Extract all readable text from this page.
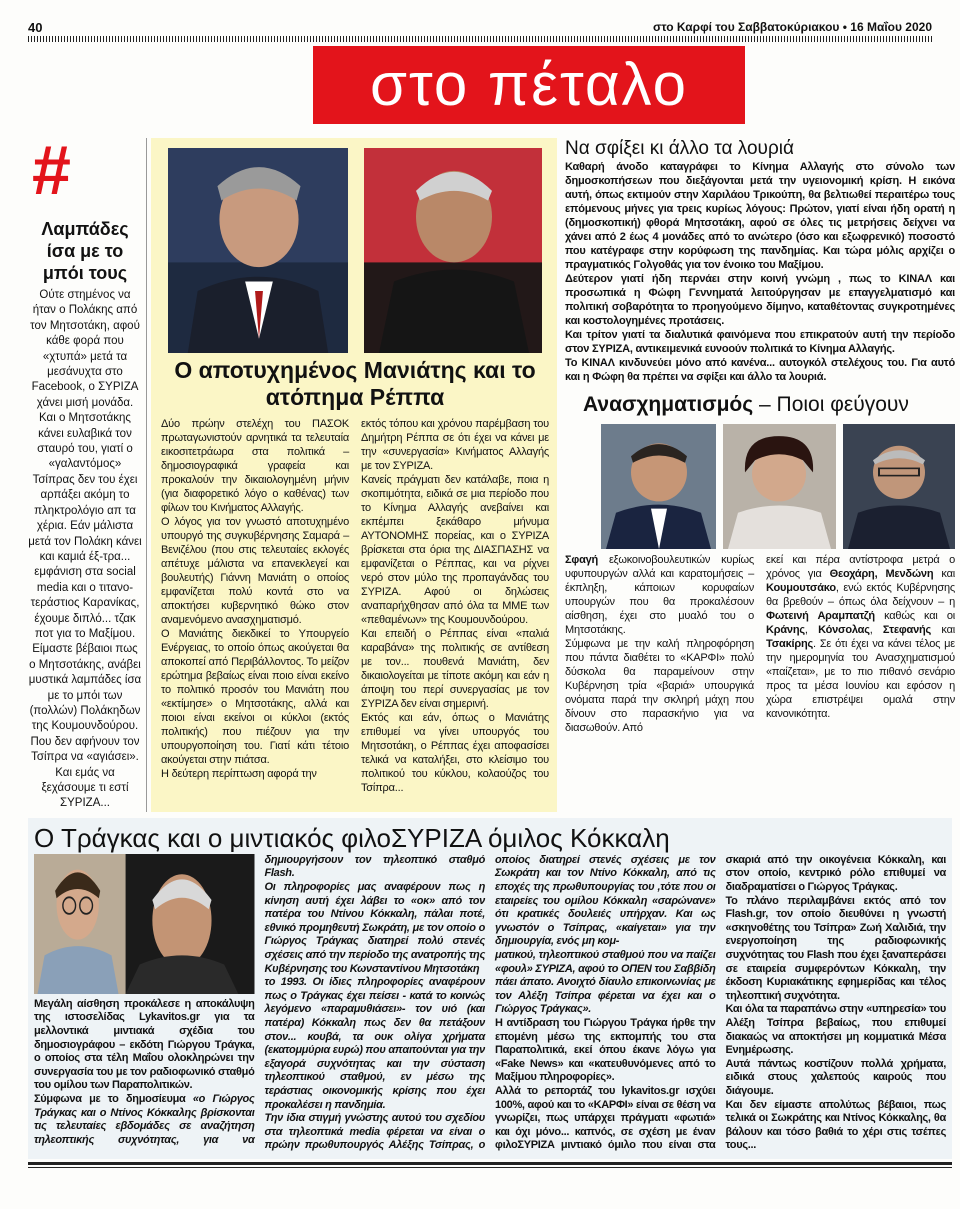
40	στο Καρφί του Σαββατοκύριακου • 16 Μαΐου 2020
στο πέταλο
#
Λαμπάδες ίσα με το μπόι τους
Ούτε στημένος να ήταν ο Πολάκης από τον Μητσοτάκη, αφού κάθε φορά που «χτυπά» μετά τα μεσάνυχτα στο Facebook, ο ΣΥΡΙΖΑ χάνει μισή μονάδα. Και ο Μητσοτάκης κάνει ευλαβικά τον σταυρό του, γιατί ο «γαλαντόμος» Τσίπρας δεν του έχει αρπάξει ακόμη το πληκτρολόγιο απ τα χέρια. Εάν μάλιστα μετά τον Πολάκη κάνει και καμιά έξ-τρα... εμφάνιση στα social media και ο τιτανο-τεράστιος Καρανίκας, έχουμε διπλό... τζακ ποτ για το Μαξίμου. Είμαστε βέβαιοι πως ο Μητσοτάκης, ανάβει μυστικά λαμπάδες ίσα με το μπόι των (πολλών) Πολάκηδων της Κουμουνδούρου. Που δεν αφήνουν τον Τσίπρα να «αγιάσει». Και εμάς να ξεχάσουμε τι εστί ΣΥΡΙΖΑ...
Ο αποτυχημένος Μανιάτης και το ατόπημα Ρέππα

Δύο πρώην στελέχη του ΠΑΣΟΚ πρωταγωνιστούν αρνητικά τα τελευταία εικοσιτετράωρα στα πολιτικά – δημοσιογραφικά γραφεία και προκαλούν την δικαιολογημένη μήνιν (για διαφορετικό λόγο ο καθένας) των φίλων του Κινήματος Αλλαγής.

Ο λόγος για τον γνωστό αποτυχημένο υπουργό της συγκυβέρνησης Σαμαρά – Βενιζέλου (που στις τελευταίες εκλογές απέτυχε μάλιστα να επανεκλεγεί και βουλευτής) Γιάννη Μανιάτη ο οποίος εμφανίζεται πολύ κοντά στο να αποκτήσει κυβερνητικό θώκο στον αναμενόμενο ανασχηματισμό.

Ο Μανιάτης διεκδικεί το Υπουργείο Ενέργειας, το οποίο όπως ακούγεται θα αποκοπεί από Περιβάλλοντος. Το μείζον ερώτημα βεβαίως είναι ποιο είναι εκείνο το πολιτικό προσόν του Μανιάτη που «εκτίμησε» ο Μητσοτάκης, αλλά και ποιοι είναι εκείνοι οι κύκλοι (εκτός πολιτικής) που πιέζουν για την υπουργοποίηση του. Γιατί κάτι τέτοιο ακούγεται στην πιάτσα.

Η δεύτερη περίπτωση αφορά την

εκτός τόπου και χρόνου παρέμβαση του Δημήτρη Ρέππα σε ότι έχει να κάνει με την «συνεργασία» Κινήματος Αλλαγής με τον ΣΥΡΙΖΑ.

Κανείς πράγματι δεν κατάλαβε, ποια η σκοπιμότητα, ειδικά σε μια περίοδο που το Κίνημα Αλλαγής ανεβαίνει και εκπέμπει ξεκάθαρο μήνυμα ΑΥΤΟΝΟΜΗΣ πορείας, και ο ΣΥΡΙΖΑ βρίσκεται στα όρια της ΔΙΑΣΠΑΣΗΣ να εμφανίζεται ο Ρέππας, και να ρίχνει νερό στον μύλο της προπαγάνδας του ΣΥΡΙΖΑ. Αφού οι δηλώσεις αναπαρήχθησαν από όλα τα ΜΜΕ των «πεθαμένων» της Κουμουνδούρου.

Και επειδή ο Ρέππας είναι «παλιά καραβάνα» της πολιτικής σε αντίθεση με τον... πουθενά Μανιάτη, δεν δικαιολογείται με τίποτε ακόμη και εάν η άποψη του περί συνεργασίας με τον ΣΥΡΙΖΑ δεν είναι σημερινή.

Εκτός και εάν, όπως ο Μανιάτης επιθυμεί να γίνει υπουργός του Μητσοτάκη, ο Ρέππας έχει αποφασίσει τελικά να καταλήξει, στο κλείσιμο του πολιτικού του κύκλου, κολαούζος του Τσίπρα...

Να σφίξει κι άλλο τα λουριά

Καθαρή άνοδο καταγράφει το Κίνημα Αλλαγής στο σύνολο των δημοσκοπήσεων που διεξάγονται μετά την υγειονομική κρίση. Η εικόνα αυτή, όπως εκτιμούν στην Χαριλάου Τρικούπη, θα βελτιωθεί περαιτέρω τους επόμενους μήνες για τρεις κυρίως λόγους: Πρώτον, γιατί είναι ήδη ορατή η (δημοσκοπική) φθορά Μητσοτάκη, αφού σε όλες τις μετρήσεις δείχνει να χάνει από 2 έως 4 μονάδες από το ανώτερο (όσο και εξωφρενικό) ποσοστό που κατέγραφε στην κορύφωση της πανδημίας. Και τώρα μόλις αρχίζει ο πραγματικός Γολγοθάς για τον ένοικο του Μαξίμου.

Δεύτερον γιατί ήδη περνάει στην κοινή γνώμη , πως το ΚΙΝΑΛ και προσωπικά η Φώφη Γεννηματά λειτούργησαν με επαγγελματισμό και πολιτική σοβαρότητα το προηγούμενο δίμηνο, καταθέτοντας συγκροτημένες και κοστολογημένες προτάσεις.

Και τρίτον γιατί τα διαλυτικά φαινόμενα που επικρατούν αυτή την περίοδο στον ΣΥΡΙΖΑ, αντικειμενικά ευνοούν πολιτικά το Κίνημα Αλλαγής.

Το ΚΙΝΑΛ κινδυνεύει μόνο από κανένα... αυτογκόλ στελέχους του. Για αυτό και η Φώφη θα πρέπει να σφίξει και άλλο τα λουριά.

Ανασχηματισμός – Ποιοι φεύγουν

Σφαγή εξωκοινοβουλευτικών κυρίως υφυπουργών αλλά και καρατομήσεις – έκπληξη, κάποιων κορυφαίων υπουργών που θα προκαλέσουν αίσθηση, έχει στο μυαλό του ο Μητσοτάκης.

Σύμφωνα με την καλή πληροφόρηση που πάντα διαθέτει το «ΚΑΡΦΙ» πολύ δύσκολα θα παραμείνουν στην Κυβέρνηση τρία «βαριά» υπουργικά ονόματα παρά την σκληρή μάχη που δίνουν στο παρασκήνιο για να διασωθούν. Από

εκεί και πέρα αντίστροφα μετρά ο χρόνος για Θεοχάρη, Μενδώνη και Κουμουτσάκο, ενώ εκτός Κυβέρνησης θα βρεθούν – όπως όλα δείχνουν – η Φωτεινή Αραμπατζή καθώς και οι Κράνης, Κόνσολας, Στεφανής και Τσακίρης. Σε ότι έχει να κάνει τέλος με την ημερομηνία του Ανασχηματισμού «παίζεται», με το πιο πιθανό σενάριο προς τα μέσα Ιουνίου και εφόσον η χώρα επιστρέψει ομαλά στην κανονικότητα.

Ο Τράγκας και ο μιντιακός φιλοΣΥΡΙΖΑ όμιλος Κόκκαλη

Μεγάλη αίσθηση προκάλεσε η αποκάλυψη της ιστοσελίδας Lykavitos.gr για τα μελλοντικά μιντιακά σχέδια του δημοσιογράφου – εκδότη Γιώργου Τράγκα, ο οποίος στα τέλη Μαΐου ολοκληρώνει την συνεργασία του με τον ραδιοφωνικό σταθμό του ομίλου των Παραπολιτικών.

Σύμφωνα με το δημοσίευμα «ο Γιώργος Τράγκας και ο Ντίνος Κόκκαλης βρίσκονται τις τελευταίες εβδομάδες σε αναζήτηση τηλεοπτικής συχνότητας, για να δημιουργήσουν τον τηλεοπτικό σταθμό Flash.

Οι πληροφορίες μας αναφέρουν πως η κίνηση αυτή έχει λάβει το «οκ» από τον πατέρα του Ντίνου Κόκκαλη, πάλαι ποτέ, εθνικό προμηθευτή Σωκράτη, με τον οποίο ο Γιώργος Τράγκας διατηρεί πολύ στενές σχέσεις από την περίοδο της ανατροπής της Κυβέρνησης του Κωνσταντίνου Μητσοτάκη

το 1993. Οι ίδιες πληροφορίες αναφέρουν πως ο Τράγκας έχει πείσει - κατά το κοινώς λεγόμενο «παραμυθιάσει»- τον υιό (και πατέρα) Κόκκαλη πως δεν θα πετάξουν στον... κουβά, τα ουκ ολίγα χρήματα (εκατομμύρια ευρώ) που απαιτούνται για την εξαγορά συχνότητας και την σύσταση τηλεοπτικού σταθμού, εν μέσω της τεράστιας οικονομικής κρίσης που έχει προκαλέσει η πανδημία.

Την ίδια στιγμή γνώστης αυτού του σχεδίου στα τηλεοπτικά media φέρεται να είναι ο πρώην πρωθυπουργός Αλέξης Τσίπρας, ο οποίος διατηρεί στενές σχέσεις με τον Σωκράτη και τον Ντίνο Κόκκαλη, από τις εποχές της πρωθυπουργίας του ,τότε που οι εταιρείες του ομίλου Κόκκαλη «σαρώνανε» ότι κρατικές δουλειές υπήρχαν. Και ως γνωστόν ο Τσίπρας, «καίγεται» για την δημιουργία, ενός μη κομ-

ματικού, τηλεοπτικού σταθμού που να παίζει «φουλ» ΣΥΡΙΖΑ, αφού το ΟΠΕΝ του Σαββίδη πάει άπατο. Ανοιχτό δίαυλο επικοινωνίας με τον Αλέξη Τσίπρα φέρεται να έχει και ο Γιώργος Τράγκας».

Η αντίδραση του Γιώργου Τράγκα ήρθε την επομένη μέσω της εκπομπής του στα Παραπολιτικά, εκεί όπου έκανε λόγω για «Fake News» και «κατευθυνόμενες από το Μαξίμου πληροφορίες».

Αλλά το ρεπορτάζ του lykavitos.gr ισχύει 100%, αφού και το «ΚΑΡΦΙ» είναι σε θέση να γνωρίζει, πως υπάρχει πράγματι «φωτιά» και όχι μόνο... καπνός, σε σχέση με έναν φιλοΣΥΡΙΖΑ μιντιακό όμιλο που είναι στα σκαριά από την οικογένεια Κόκκαλη, και στον οποίο, κεντρικό ρόλο επιθυμεί να διαδραματίσει ο Γιώργος Τράγκας.

Το πλάνο περιλαμβάνει εκτός από τον Flash.gr, τον οποίο διευθύνει η γνωστή «σκηνοθέτης του Τσίπρα» Ζωή Χαλιδιά, την ενεργοποίηση της ραδιοφωνικής συχνότητας του Flash που έχει ξαναπεράσει σε εταιρεία συμφερόντων Κόκκαλη, την έκδοση Κυριακάτικης εφημερίδας και τέλος τηλεοπτική συχνότητα.

Και όλα τα παραπάνω στην «υπηρεσία» του Αλέξη Τσίπρα βεβαίως, που επιθυμεί διακαώς να αποκτήσει μη κομματικά Μέσα Ενημέρωσης.

Αυτά πάντως κοστίζουν πολλά χρήματα, ειδικά στους χαλεπούς καιρούς που διάγουμε.

Και δεν είμαστε απολύτως βέβαιοι, πως τελικά οι Σωκράτης και Ντίνος Κόκκαλης, θα βάλουν και τόσο βαθιά το χέρι στις τσέπες τους...
